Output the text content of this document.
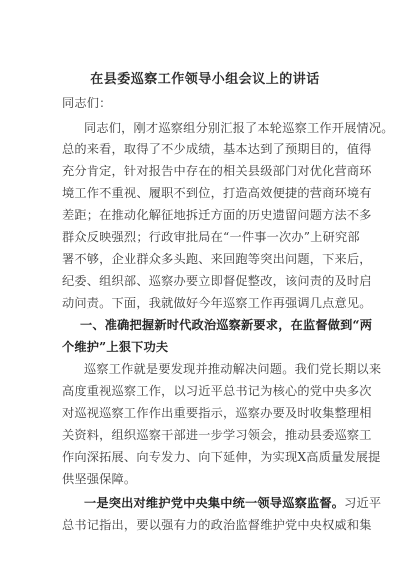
在县委巡察工作领导小组会议上的讲话
同志们：
同志们，刚才巡察组分别汇报了本轮巡察工作开展情况。
总的来看，取得了不少成绩，基本达到了预期目的，值得
充分肯定，针对报告中存在的相关县级部门对优化营商环
境工作不重视、履职不到位，打造高效便捷的营商环境有
差距；在推动化解征地拆迁方面的历史遗留问题方法不多
群众反映强烈；行政审批局在“一件事一次办”上研究部
署不够，企业群众多头跑、来回跑等突出问题，下来后，
纪委、组织部、巡察办要立即督促整改，该问责的及时启
动问责。下面，我就做好今年巡察工作再强调几点意见。
一、准确把握新时代政治巡察新要求，在监督做到“两
个维护”上狠下功夫
巡察工作就是要发现并推动解决问题。我们党长期以来
高度重视巡察工作，以习近平总书记为核心的党中央多次
对巡视巡察工作作出重要指示，巡察办要及时收集整理相
关资料，组织巡察干部进一步学习领会，推动县委巡察工
作向深拓展、向专发力、向下延伸，为实现X高质量发展提
供坚强保障。
一是突出对维护党中央集中统一领导巡察监督。习近平
总书记指出，要以强有力的政治监督维护党中央权威和集
